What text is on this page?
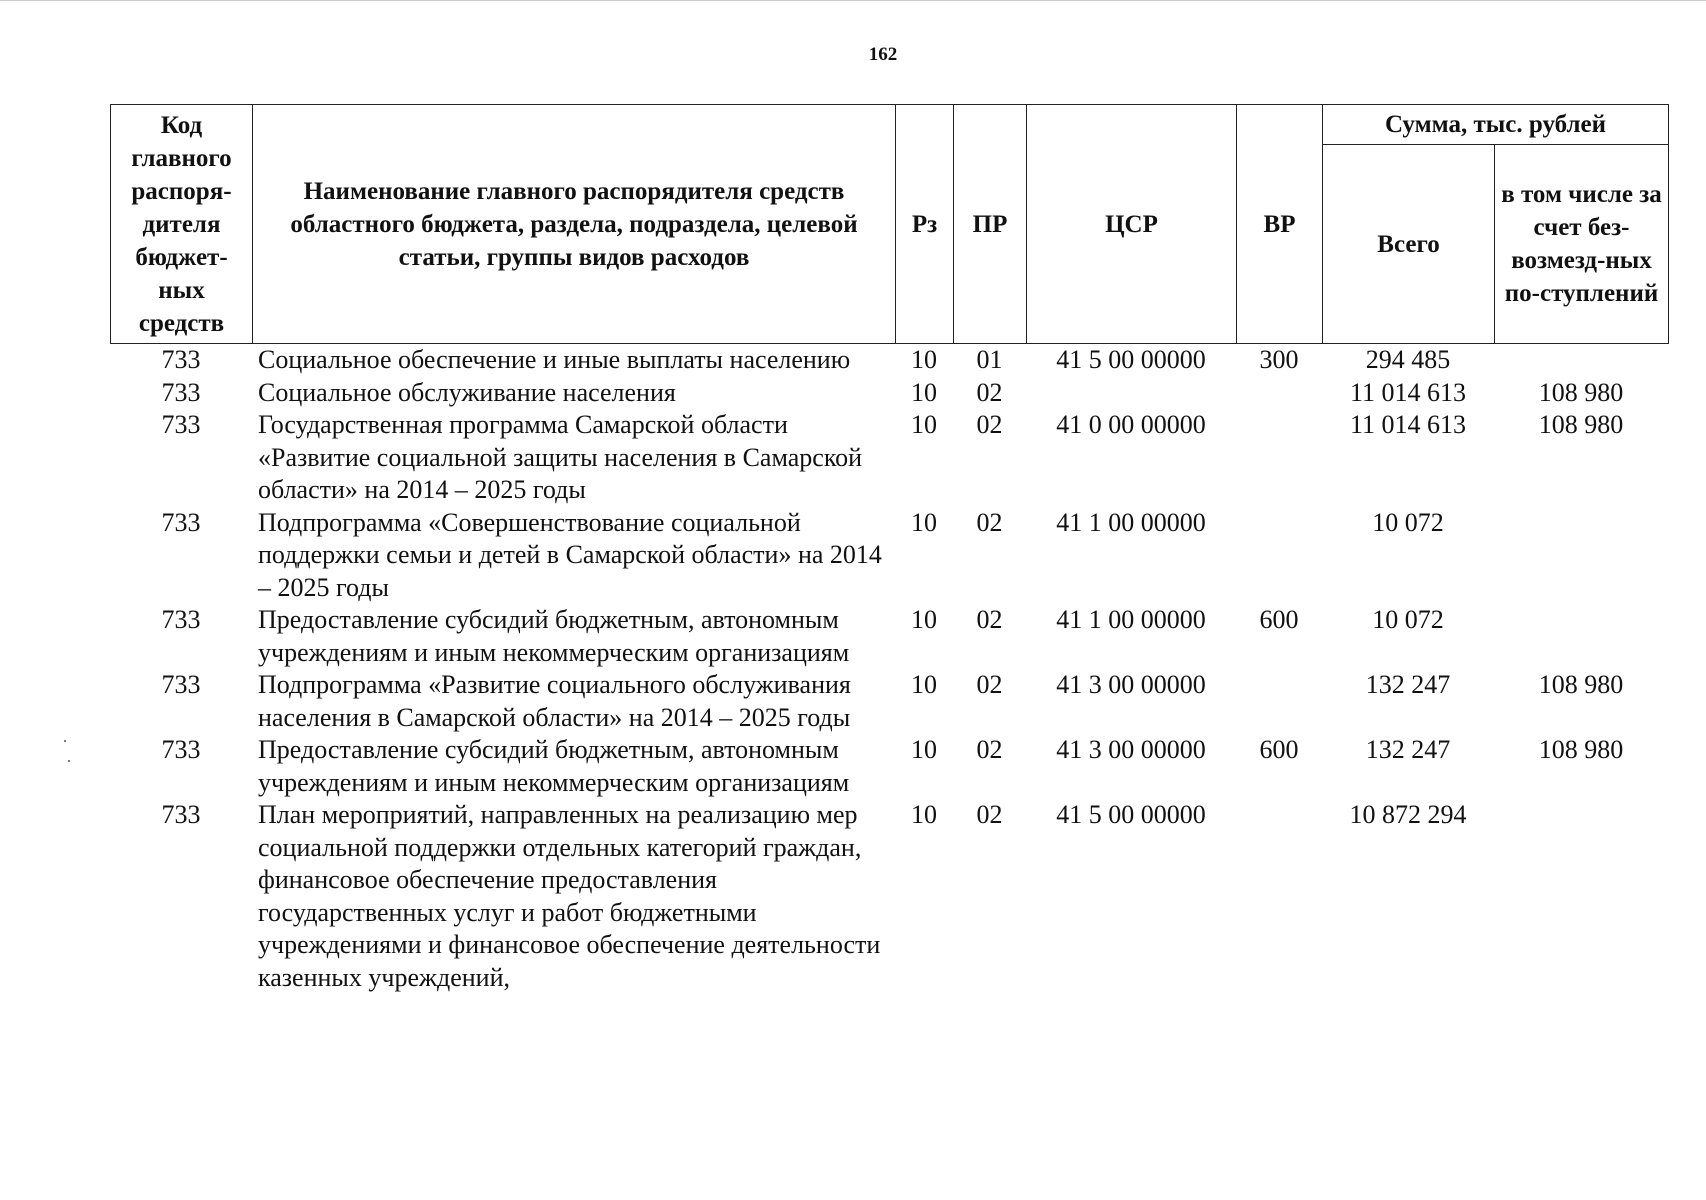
162
Код главного распоря-дителя бюджет-ных средств	Наименование главного распорядителя средств областного бюджета, раздела, подраздела, целевой статьи, группы видов расходов	Рз	ПР	ЦСР	ВР	Сумма, тыс. рублей	
						Всего	в том числе за счет без-возмезд-ных по-ступлений
733	Социальное обеспечение и иные выплаты населению	10	01	41 5 00 00000	300	294 485	
733	Социальное обслуживание населения	10	02			11 014 613	108 980
733	Государственная программа Самарской области «Развитие социальной защиты населения в Самарской области» на 2014 – 2025 годы	10	02	41 0 00 00000		11 014 613	108 980
733	Подпрограмма «Совершенствование социальной поддержки семьи и детей в Самарской области» на 2014 – 2025 годы	10	02	41 1 00 00000		10 072	
733	Предоставление субсидий бюджетным, автономным учреждениям и иным некоммерческим организациям	10	02	41 1 00 00000	600	10 072	
733	Подпрограмма «Развитие социального обслуживания населения в Самарской области» на 2014 – 2025 годы	10	02	41 3 00 00000		132 247	108 980
733	Предоставление субсидий бюджетным, автономным учреждениям и иным некоммерческим организациям	10	02	41 3 00 00000	600	132 247	108 980
733	План мероприятий, направленных на реализацию мер социальной поддержки отдельных категорий граждан, финансовое обеспечение предоставления государственных услуг и работ бюджетными учреждениями и финансовое обеспечение деятельности казенных учреждений,	10	02	41 5 00 00000		10 872 294	
